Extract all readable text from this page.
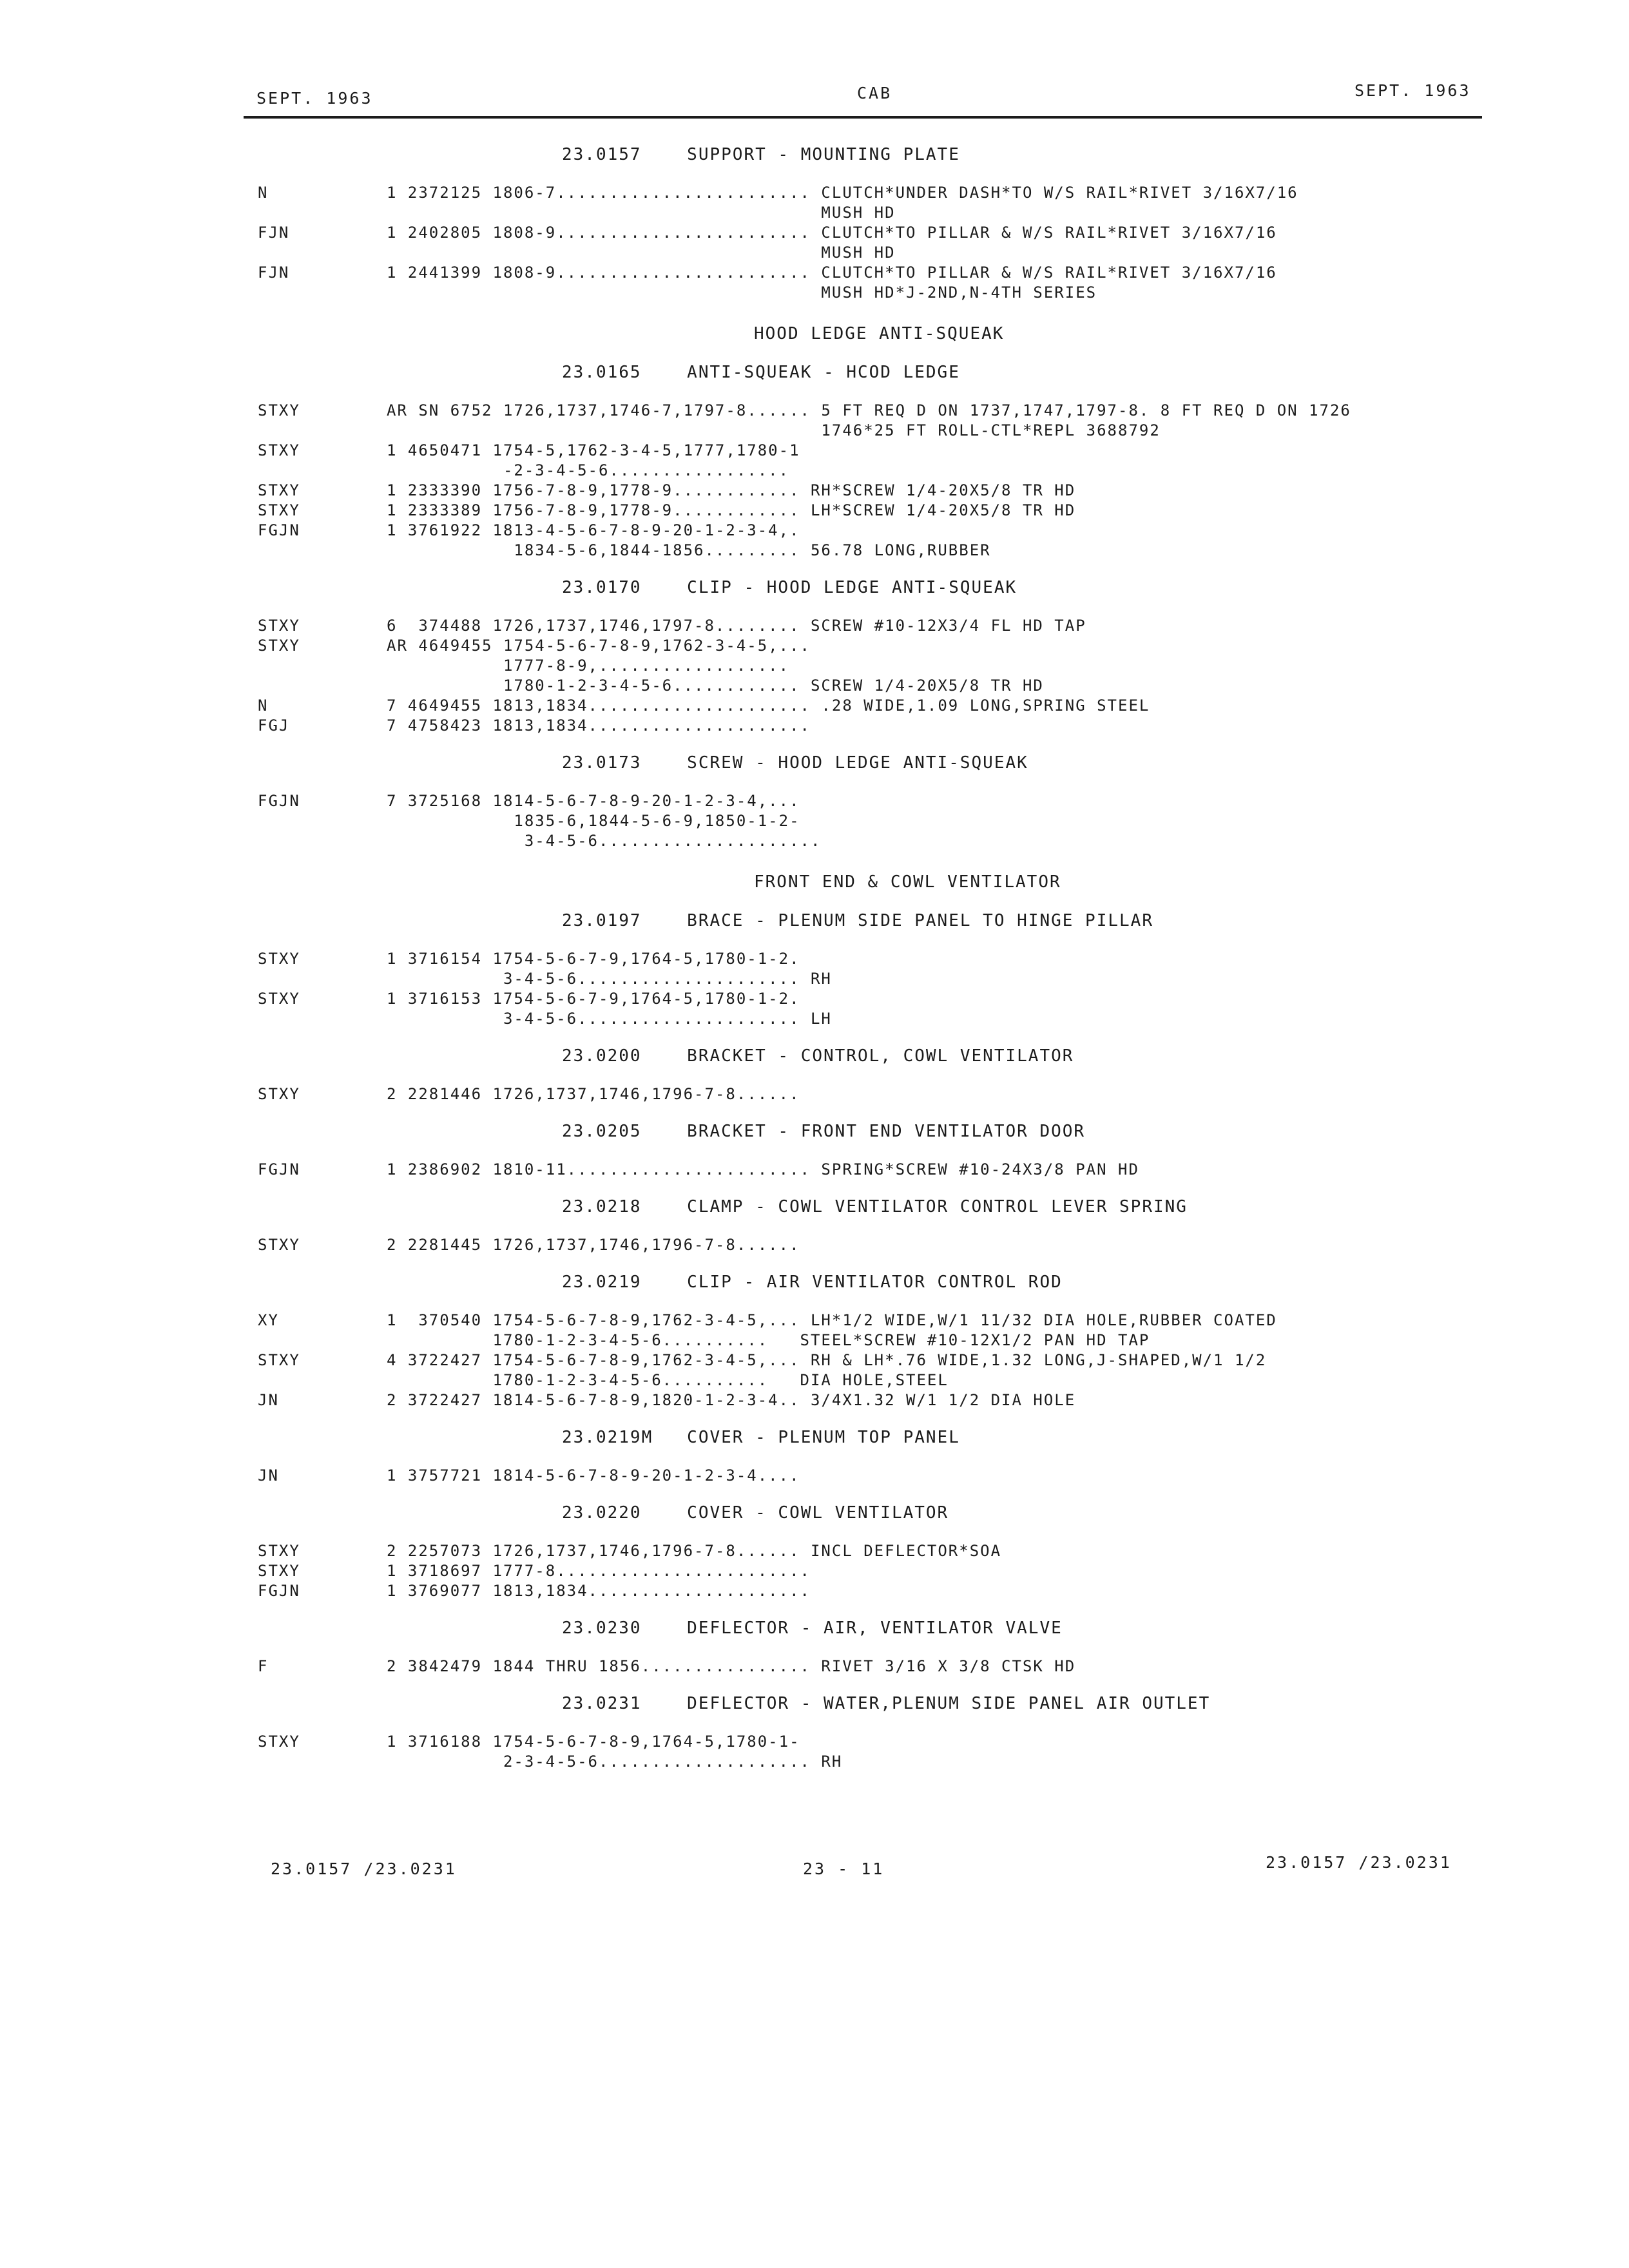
SEPT. 1963	CAB	SEPT. 1963
23.0157    SUPPORT - MOUNTING PLATE
N	1 2372125 1806-7........................ CLUTCH*UNDER DASH*TO W/S RAIL*RIVET 3/16X7/16
MUSH HD
FJN	1 2402805 1808-9........................ CLUTCH*TO PILLAR & W/S RAIL*RIVET 3/16X7/16
MUSH HD
FJN	1 2441399 1808-9........................ CLUTCH*TO PILLAR & W/S RAIL*RIVET 3/16X7/16
MUSH HD*J-2ND,N-4TH SERIES
HOOD LEDGE ANTI-SQUEAK
23.0165    ANTI-SQUEAK - HCOD LEDGE
STXY	AR SN 6752 1726,1737,1746-7,1797-8...... 5 FT REQ D ON 1737,1747,1797-8. 8 FT REQ D ON 1726
1746*25 FT ROLL-CTL*REPL 3688792
STXY	1 4650471 1754-5,1762-3-4-5,1777,1780-1
-2-3-4-5-6.................
STXY	1 2333390 1756-7-8-9,1778-9............ RH*SCREW 1/4-20X5/8 TR HD
STXY	1 2333389 1756-7-8-9,1778-9............ LH*SCREW 1/4-20X5/8 TR HD
FGJN	1 3761922 1813-4-5-6-7-8-9-20-1-2-3-4,.
1834-5-6,1844-1856......... 56.78 LONG,RUBBER
23.0170    CLIP - HOOD LEDGE ANTI-SQUEAK
STXY	6  374488 1726,1737,1746,1797-8........ SCREW #10-12X3/4 FL HD TAP
STXY	AR 4649455 1754-5-6-7-8-9,1762-3-4-5,...
1777-8-9,..................
1780-1-2-3-4-5-6............ SCREW 1/4-20X5/8 TR HD
N	7 4649455 1813,1834..................... .28 WIDE,1.09 LONG,SPRING STEEL
FGJ	7 4758423 1813,1834.....................
23.0173    SCREW - HOOD LEDGE ANTI-SQUEAK
FGJN	7 3725168 1814-5-6-7-8-9-20-1-2-3-4,...
1835-6,1844-5-6-9,1850-1-2-
3-4-5-6.....................
FRONT END & COWL VENTILATOR
23.0197    BRACE - PLENUM SIDE PANEL TO HINGE PILLAR
STXY	1 3716154 1754-5-6-7-9,1764-5,1780-1-2.
3-4-5-6..................... RH
STXY	1 3716153 1754-5-6-7-9,1764-5,1780-1-2.
3-4-5-6..................... LH
23.0200    BRACKET - CONTROL, COWL VENTILATOR
STXY	2 2281446 1726,1737,1746,1796-7-8......
23.0205    BRACKET - FRONT END VENTILATOR DOOR
FGJN	1 2386902 1810-11....................... SPRING*SCREW #10-24X3/8 PAN HD
23.0218    CLAMP - COWL VENTILATOR CONTROL LEVER SPRING
STXY	2 2281445 1726,1737,1746,1796-7-8......
23.0219    CLIP - AIR VENTILATOR CONTROL ROD
XY	1  370540 1754-5-6-7-8-9,1762-3-4-5,... LH*1/2 WIDE,W/1 11/32 DIA HOLE,RUBBER COATED
1780-1-2-3-4-5-6..........   STEEL*SCREW #10-12X1/2 PAN HD TAP
STXY	4 3722427 1754-5-6-7-8-9,1762-3-4-5,... RH & LH*.76 WIDE,1.32 LONG,J-SHAPED,W/1 1/2
1780-1-2-3-4-5-6..........   DIA HOLE,STEEL
JN	2 3722427 1814-5-6-7-8-9,1820-1-2-3-4.. 3/4X1.32 W/1 1/2 DIA HOLE
23.0219M   COVER - PLENUM TOP PANEL
JN	1 3757721 1814-5-6-7-8-9-20-1-2-3-4....
23.0220    COVER - COWL VENTILATOR
STXY	2 2257073 1726,1737,1746,1796-7-8...... INCL DEFLECTOR*SOA
STXY	1 3718697 1777-8........................
FGJN	1 3769077 1813,1834.....................
23.0230    DEFLECTOR - AIR, VENTILATOR VALVE
F	2 3842479 1844 THRU 1856................ RIVET 3/16 X 3/8 CTSK HD
23.0231    DEFLECTOR - WATER,PLENUM SIDE PANEL AIR OUTLET
STXY	1 3716188 1754-5-6-7-8-9,1764-5,1780-1-
2-3-4-5-6.................... RH
23.0157 /23.0231	23 - 11	23.0157 /23.0231
